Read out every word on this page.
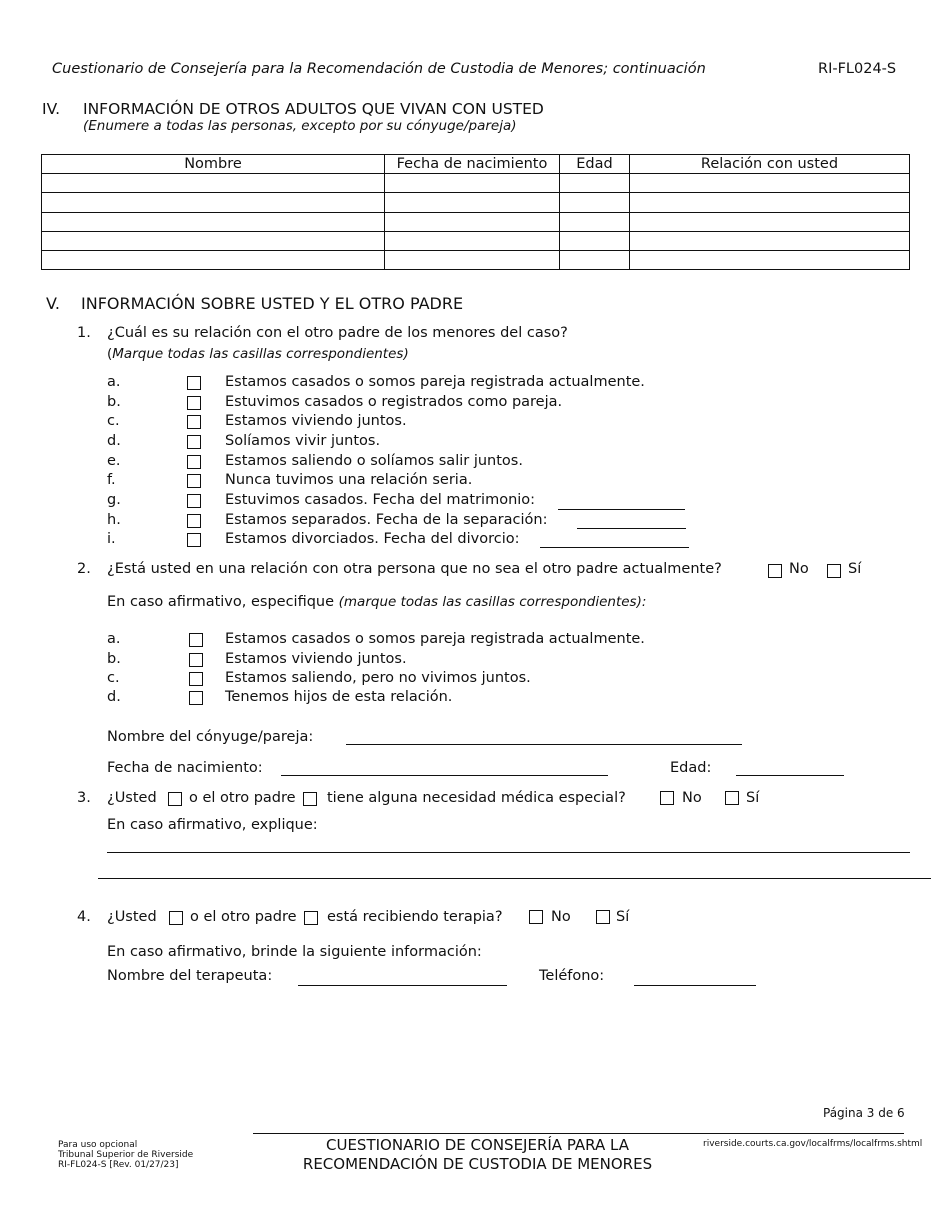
Cuestionario de Consejería para la Recomendación de Custodia de Menores; continuación	RI-FL024-S
IV. INFORMACIÓN DE OTROS ADULTOS QUE VIVAN CON USTED
(Enumere a todas las personas, excepto por su cónyuge/pareja)
Nombre	Fecha de nacimiento	Edad	Relación con usted

V. INFORMACIÓN SOBRE USTED Y EL OTRO PADRE
1. ¿Cuál es su relación con el otro padre de los menores del caso?
(Marque todas las casillas correspondientes)
a.	Estamos casados o somos pareja registrada actualmente.
b.	Estuvimos casados o registrados como pareja.
c.	Estamos viviendo juntos.
d.	Solíamos vivir juntos.
e.	Estamos saliendo o solíamos salir juntos.
f.	Nunca tuvimos una relación seria.
g.	Estuvimos casados. Fecha del matrimonio:
h.	Estamos separados. Fecha de la separación:
i.	Estamos divorciados. Fecha del divorcio:
2. ¿Está usted en una relación con otra persona que no sea el otro padre actualmente?	No	Sí
En caso afirmativo, especifique (marque todas las casillas correspondientes):
a.	Estamos casados o somos pareja registrada actualmente.
b.	Estamos viviendo juntos.
c.	Estamos saliendo, pero no vivimos juntos.
d.	Tenemos hijos de esta relación.
Nombre del cónyuge/pareja:
Fecha de nacimiento:	Edad:
3. ¿Usted o el otro padre tiene alguna necesidad médica especial?	No	Sí
En caso afirmativo, explique:
4. ¿Usted o el otro padre está recibiendo terapia?	No	Sí
En caso afirmativo, brinde la siguiente información:
Nombre del terapeuta:	Teléfono:
Página 3 de 6
Para uso opcional
Tribunal Superior de Riverside
RI-FL024-S [Rev. 01/27/23]
CUESTIONARIO DE CONSEJERÍA PARA LA
RECOMENDACIÓN DE CUSTODIA DE MENORES
riverside.courts.ca.gov/localfrms/localfrms.shtml
